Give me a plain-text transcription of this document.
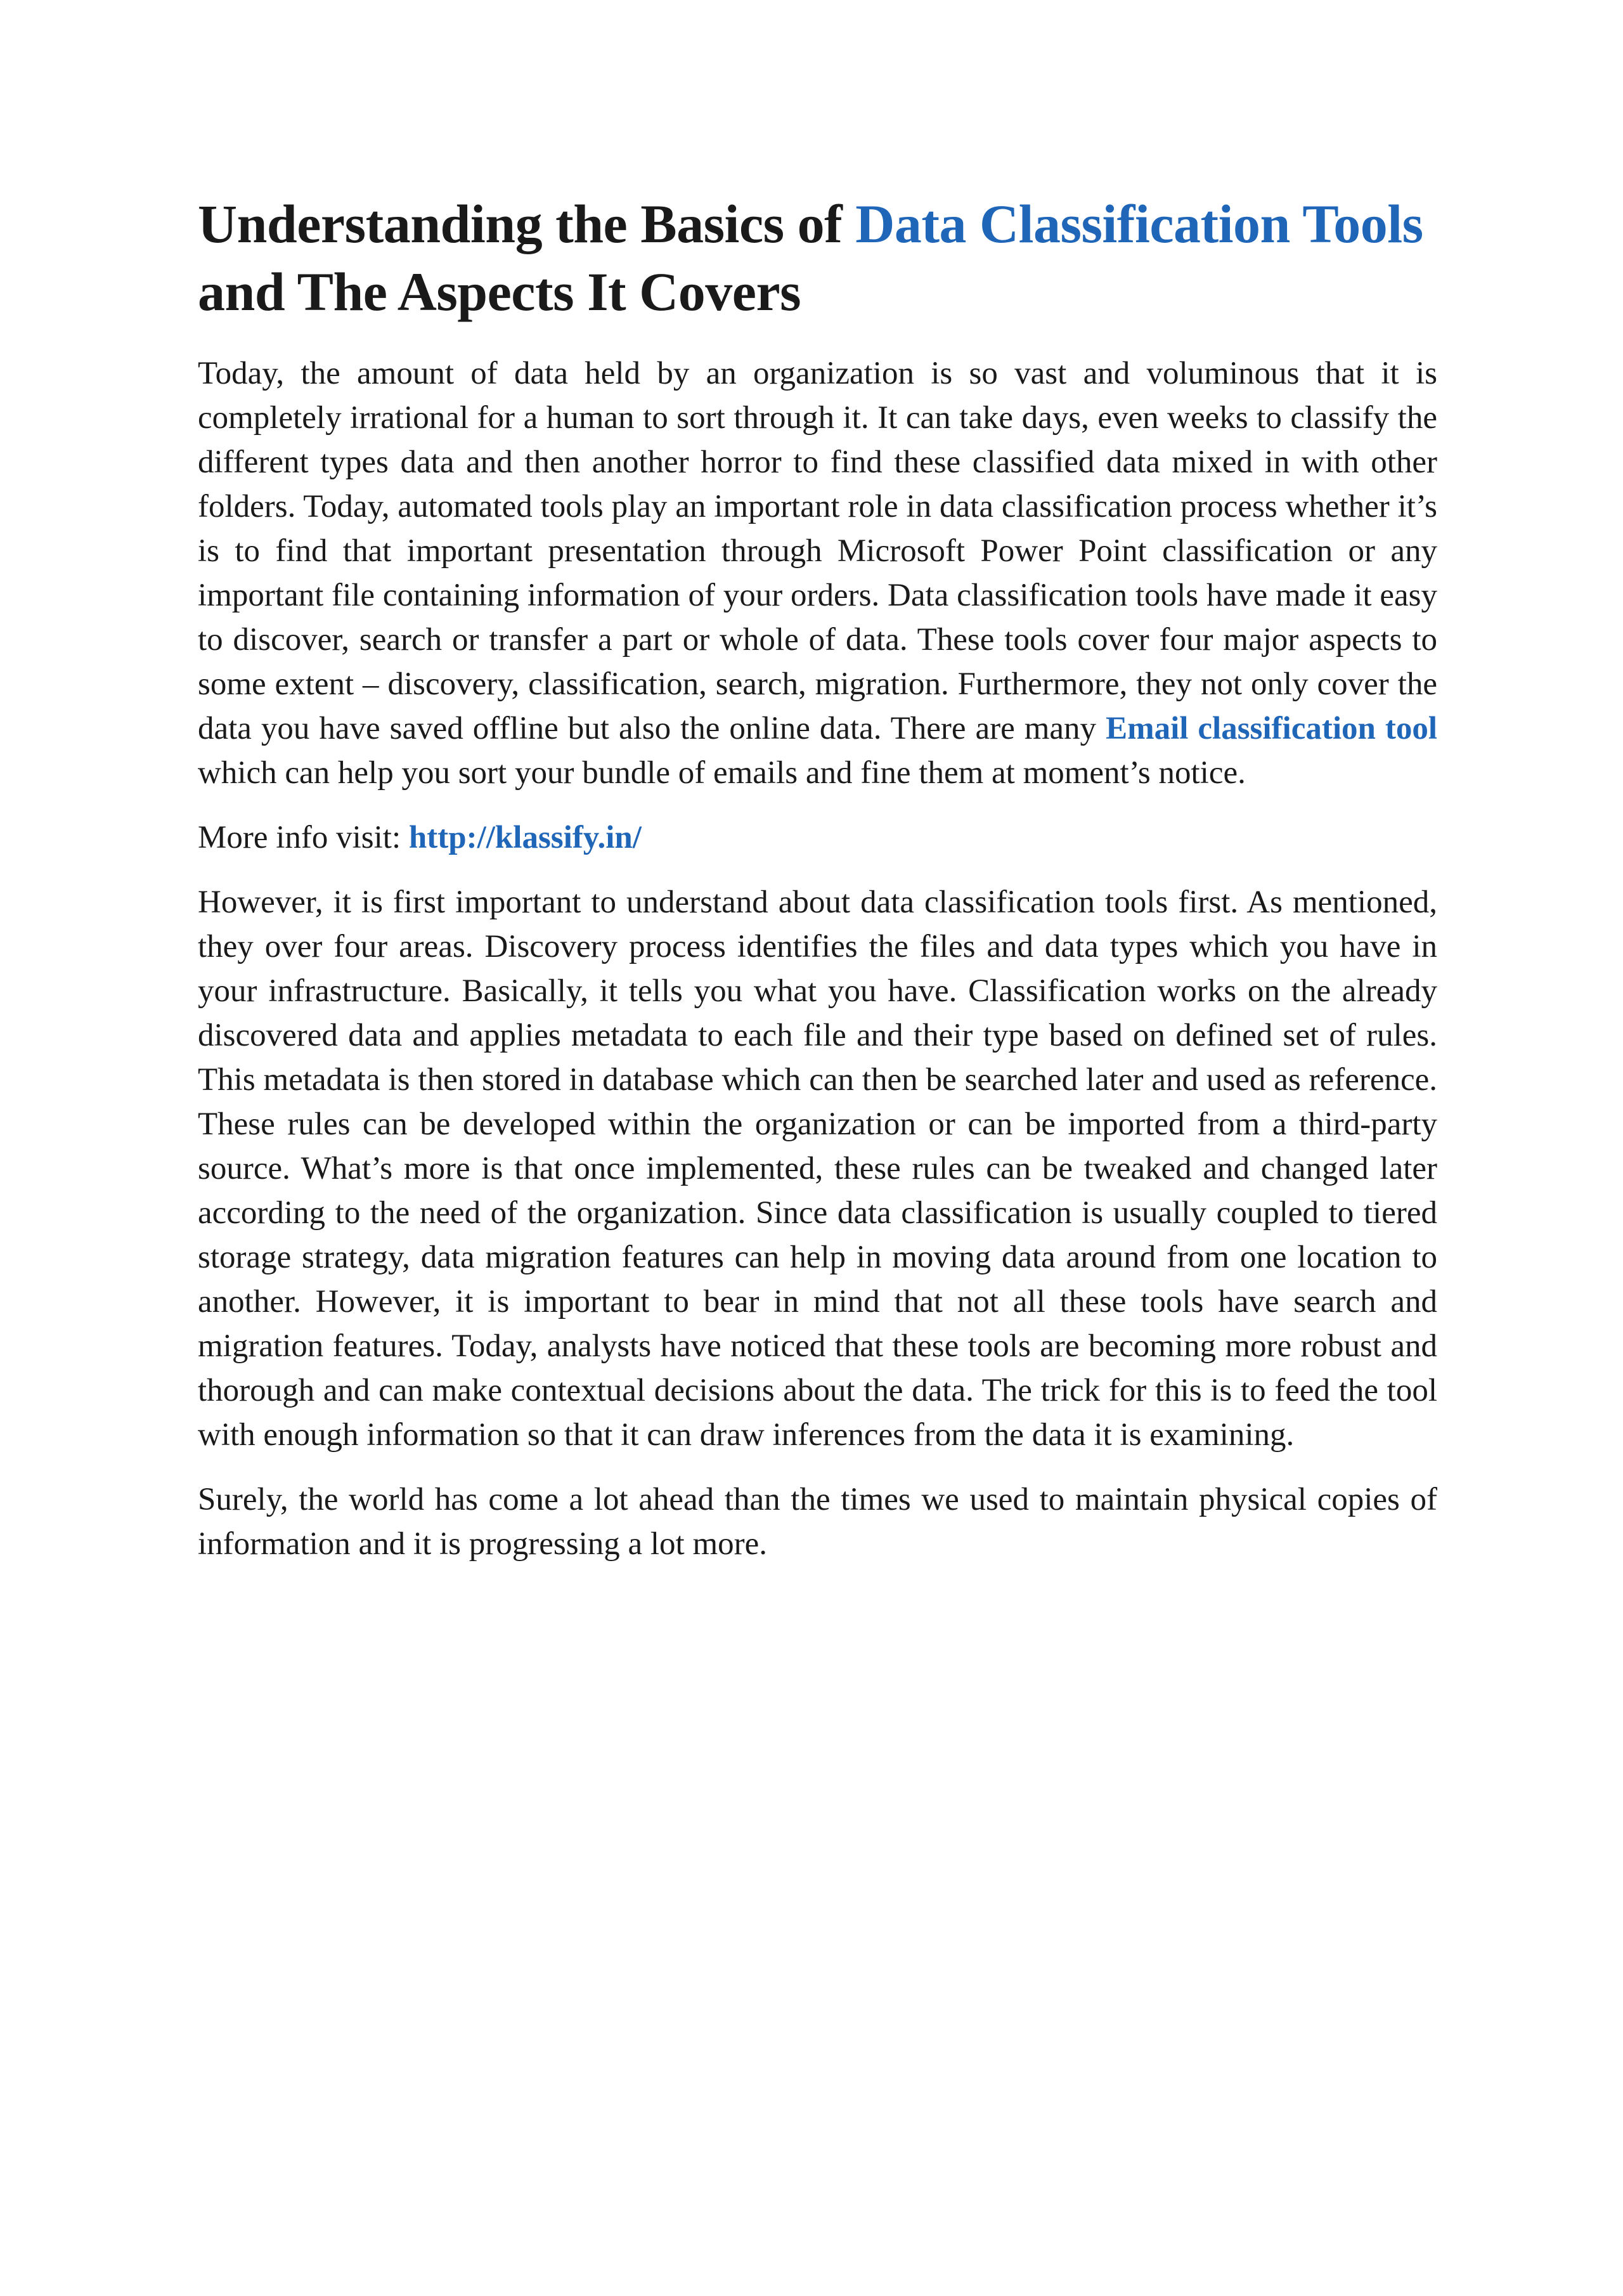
Understanding the Basics of Data Classification Tools and The Aspects It Covers

Today, the amount of data held by an organization is so vast and voluminous that it is completely irrational for a human to sort through it. It can take days, even weeks to classify the different types data and then another horror to find these classified data mixed in with other folders. Today, automated tools play an important role in data classification process whether it’s is to find that important presentation through Microsoft Power Point classification or any important file containing information of your orders. Data classification tools have made it easy to discover, search or transfer a part or whole of data. These tools cover four major aspects to some extent – discovery, classification, search, migration. Furthermore, they not only cover the data you have saved offline but also the online data. There are many Email classification tool which can help you sort your bundle of emails and fine them at moment’s notice.

More info visit: http://klassify.in/

However, it is first important to understand about data classification tools first. As mentioned, they over four areas. Discovery process identifies the files and data types which you have in your infrastructure. Basically, it tells you what you have. Classification works on the already discovered data and applies metadata to each file and their type based on defined set of rules. This metadata is then stored in database which can then be searched later and used as reference. These rules can be developed within the organization or can be imported from a third-party source. What’s more is that once implemented, these rules can be tweaked and changed later according to the need of the organization. Since data classification is usually coupled to tiered storage strategy, data migration features can help in moving data around from one location to another. However, it is important to bear in mind that not all these tools have search and migration features. Today, analysts have noticed that these tools are becoming more robust and thorough and can make contextual decisions about the data. The trick for this is to feed the tool with enough information so that it can draw inferences from the data it is examining.

Surely, the world has come a lot ahead than the times we used to maintain physical copies of information and it is progressing a lot more.
